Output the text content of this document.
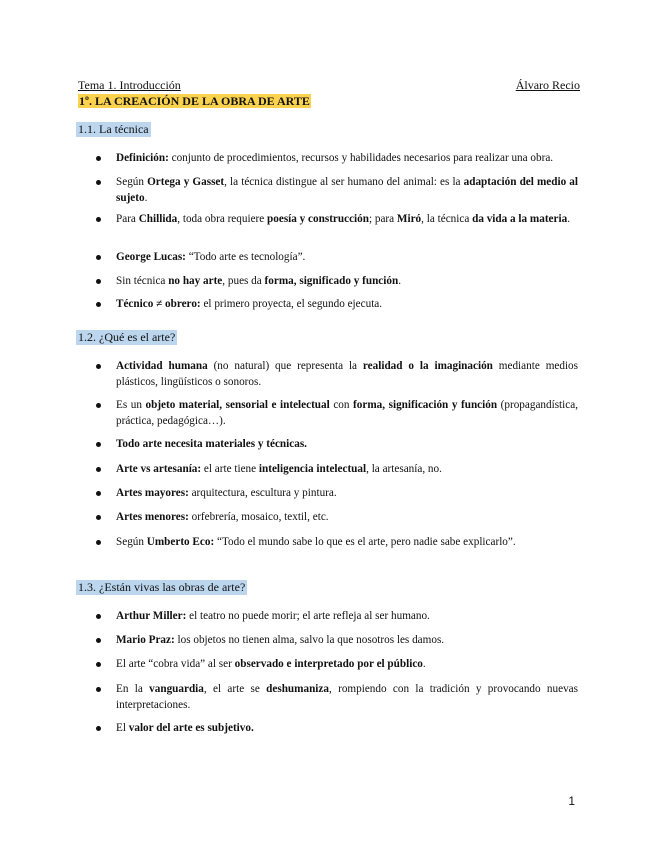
Tema 1. Introducción	Álvaro Recio
1º. LA CREACIÓN DE LA OBRA DE ARTE
1.1. La técnica
Definición: conjunto de procedimientos, recursos y habilidades necesarios para realizar una obra.
Según Ortega y Gasset, la técnica distingue al ser humano del animal: es la adaptación del medio al sujeto.
Para Chillida, toda obra requiere poesía y construcción; para Miró, la técnica da vida a la materia.
George Lucas: “Todo arte es tecnología”.
Sin técnica no hay arte, pues da forma, significado y función.
Técnico ≠ obrero: el primero proyecta, el segundo ejecuta.
1.2. ¿Qué es el arte?
Actividad humana (no natural) que representa la realidad o la imaginación mediante medios plásticos, lingüísticos o sonoros.
Es un objeto material, sensorial e intelectual con forma, significación y función (propagandística, práctica, pedagógica…).
Todo arte necesita materiales y técnicas.
Arte vs artesanía: el arte tiene inteligencia intelectual, la artesanía, no.
Artes mayores: arquitectura, escultura y pintura.
Artes menores: orfebrería, mosaico, textil, etc.
Según Umberto Eco: “Todo el mundo sabe lo que es el arte, pero nadie sabe explicarlo”.
1.3. ¿Están vivas las obras de arte?
Arthur Miller: el teatro no puede morir; el arte refleja al ser humano.
Mario Praz: los objetos no tienen alma, salvo la que nosotros les damos.
El arte “cobra vida” al ser observado e interpretado por el público.
En la vanguardia, el arte se deshumaniza, rompiendo con la tradición y provocando nuevas interpretaciones.
El valor del arte es subjetivo.
1
